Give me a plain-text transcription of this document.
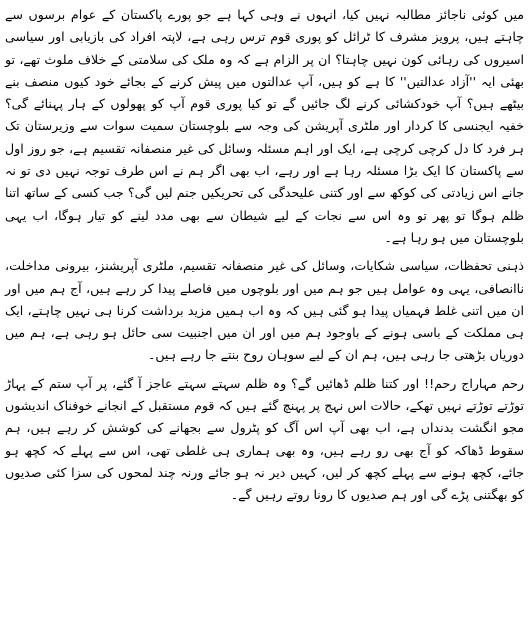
میں کوئی ناجائز مطالبہ نہیں کیا، انہوں نے وہی کہا ہے جو پورے پاکستان کے عوام برسوں سے چاہتے ہیں، پرویز مشرف کا ٹرائل کو پوری قوم ترس رہی ہے، لاپتہ افراد کی بازیابی اور سیاسی اسیروں کی رہائی کون نہیں چاہتا؟ ان پر الزام ہے کہ وہ ملک کی سلامتی کے خلاف ملوث تھے، تو بھئی ایہ ''آزاد عدالتیں'' کا ہے کو ہیں، آپ عدالتوں میں پیش کرنے کے بجائے خود کیوں منصف بنے بیٹھے ہیں؟ آپ خودکشائی کرنے لگ جائیں گے تو کیا پوری قوم آپ کو پھولوں کے ہار پہنائے گی؟ خفیہ ایجنسی کا کردار اور ملٹری آپریشن کی وجہ سے بلوچستان سمیت سوات سے وزیرستان تک ہر فرد کا دل کرچی کرچی ہے، ایک اور اہم مسئلہ وسائل کی غیر منصفانہ تقسیم ہے، جو روز اول سے پاکستان کا ایک بڑا مسئلہ رہا ہے اور رہے، اب بھی اگر ہم نے اس طرف توجہ نہیں دی تو نہ جانے اس زیادتی کی کوکھ سے اور کتنی علیحدگی کی تحریکیں جنم لیں گی؟ جب کسی کے ساتھ اتنا ظلم ہوگا تو پھر تو وہ اس سے نجات کے لیے شیطان سے بھی مدد لینے کو تیار ہوگا، اب یہی بلوچستان میں ہو رہا ہے۔

ذہنی تحفظات، سیاسی شکایات، وسائل کی غیر منصفانہ تقسیم، ملٹری آپریشنز، بیرونی مداخلت، ناانصافی، یہی وہ عوامل ہیں جو ہم میں اور بلوچوں میں فاصلے پیدا کر رہے ہیں، آج ہم میں اور ان میں اتنی غلط فہمیاں پیدا ہو گئی ہیں کہ وہ اب ہمیں مزید برداشت کرنا ہی نہیں چاہتے، ایک ہی مملکت کے باسی ہونے کے باوجود ہم میں اور ان میں اجنبیت سی حائل ہو رہی ہے، ہم میں دوریاں بڑھتی جا رہی ہیں، ہم ان کے لیے سوہان روح بنتے جا رہے ہیں۔

رحم مہاراج رحم!! اور کتنا ظلم ڈھائیں گے؟ وہ ظلم سہتے سہتے عاجز آ گئے، پر آپ ستم کے پہاڑ توڑتے توڑتے نہیں تھکے، حالات اس نہج پر پہنچ گئے ہیں کہ قوم مستقبل کے انجانے خوفناک اندیشوں مجو انگشت بدنداں ہے، اب بھی آپ اس آگ کو پٹرول سے بجھانے کی کوشش کر رہے ہیں، ہم سقوط ڈھاکہ کو آج بھی رو رہے ہیں، وہ بھی ہماری ہی غلطی تھی، اس سے پہلے کہ کچھ ہو جائے، کچھ ہونے سے پہلے کچھ کر لیں، کہیں دیر نہ ہو جائے ورنہ چند لمحوں کی سزا کئی صدیوں کو بھگتنی پڑے گی اور ہم صدیوں کا رونا روتے رہیں گے۔
